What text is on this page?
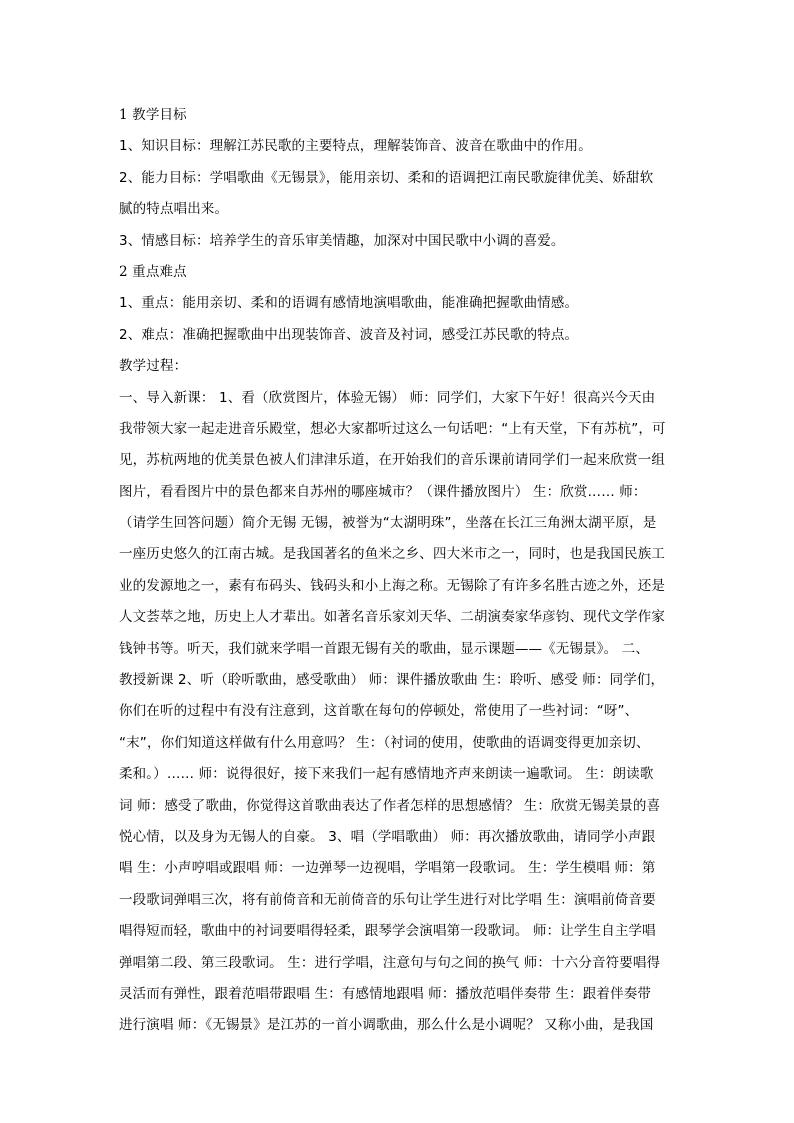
1 教学目标
1、知识目标：理解江苏民歌的主要特点，理解装饰音、波音在歌曲中的作用。
2、能力目标：学唱歌曲《无锡景》，能用亲切、柔和的语调把江南民歌旋律优美、娇甜软
腻的特点唱出来。
3、情感目标：培养学生的音乐审美情趣，加深对中国民歌中小调的喜爱。
2 重点难点
1、重点：能用亲切、柔和的语调有感情地演唱歌曲，能准确把握歌曲情感。
2、难点：准确把握歌曲中出现装饰音、波音及衬词，感受江苏民歌的特点。
教学过程：
一、导入新课： 1、看（欣赏图片，体验无锡） 师：同学们，大家下午好！很高兴今天由
我带领大家一起走进音乐殿堂，想必大家都听过这么一句话吧：“上有天堂，下有苏杭”，可
见，苏杭两地的优美景色被人们津津乐道，在开始我们的音乐课前请同学们一起来欣赏一组
图片，看看图片中的景色都来自苏州的哪座城市？（课件播放图片） 生：欣赏…… 师：
（请学生回答问题）简介无锡 无锡，被誉为“太湖明珠”，坐落在长江三角洲太湖平原，是
一座历史悠久的江南古城。是我国著名的鱼米之乡、四大米市之一，同时，也是我国民族工
业的发源地之一，素有布码头、钱码头和小上海之称。无锡除了有许多名胜古迹之外，还是
人文荟萃之地，历史上人才辈出。如著名音乐家刘天华、二胡演奏家华彦钧、现代文学作家
钱钟书等。听天，我们就来学唱一首跟无锡有关的歌曲，显示课题——《无锡景》。 二、
教授新课 2、听（聆听歌曲，感受歌曲） 师：课件播放歌曲 生：聆听、感受 师：同学们，
你们在听的过程中有没有注意到，这首歌在每句的停顿处，常使用了一些衬词：“呀”、
“末”，你们知道这样做有什么用意吗？ 生：（衬词的使用，使歌曲的语调变得更加亲切、
柔和。）…… 师：说得很好，接下来我们一起有感情地齐声来朗读一遍歌词。 生：朗读歌
词 师：感受了歌曲，你觉得这首歌曲表达了作者怎样的思想感情？ 生：欣赏无锡美景的喜
悦心情，以及身为无锡人的自豪。 3、唱（学唱歌曲） 师：再次播放歌曲，请同学小声跟
唱 生：小声哼唱或跟唱 师：一边弹琴一边视唱，学唱第一段歌词。 生：学生模唱 师：第
一段歌词弹唱三次，将有前倚音和无前倚音的乐句让学生进行对比学唱 生：演唱前倚音要
唱得短而轻，歌曲中的衬词要唱得轻柔，跟琴学会演唱第一段歌词。 师：让学生自主学唱
弹唱第二段、第三段歌词。 生：进行学唱，注意句与句之间的换气 师：十六分音符要唱得
灵活而有弹性，跟着范唱带跟唱 生：有感情地跟唱 师：播放范唱伴奏带 生：跟着伴奏带
进行演唱 师：《无锡景》是江苏的一首小调歌曲，那么什么是小调呢？ 又称小曲，是我国
